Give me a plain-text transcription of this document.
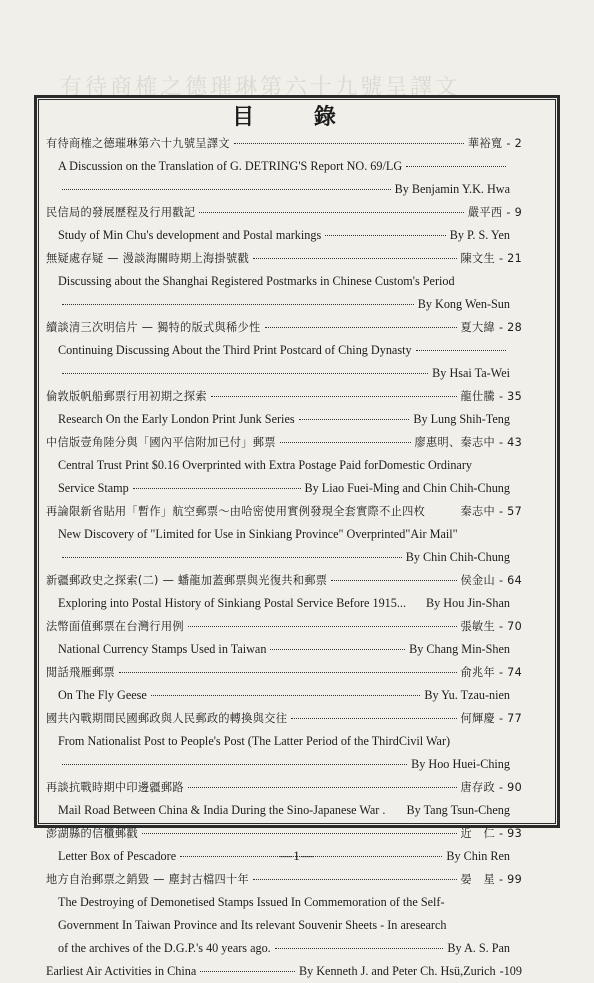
有待商榷之德璀琳第六十九號呈譯文
目 錄
有待商榷之德璀琳第六十九號呈譯文	華裕寬 - 2
A Discussion on the Translation of G. DETRING'S Report NO. 69/LG
By Benjamin Y.K. Hwa
民信局的發展歷程及行用戳記	嚴平西 - 9
Study of Min Chu's development and Postal markings	By P. S. Yen
無疑處存疑 — 漫談海關時期上海掛號戳	陳文生 - 21
Discussing about the Shanghai Registered Postmarks in Chinese Custom's Period
By Kong Wen-Sun
續談清三次明信片 — 獨特的版式與稀少性	夏大緯 - 28
Continuing Discussing About the Third Print Postcard of Ching Dynasty
By Hsai Ta-Wei
倫敦版帆船郵票行用初期之探索	龍仕騰 - 35
Research On the Early London Print Junk Series	By Lung Shih-Teng
中信版壹角陸分與「國內平信附加已付」郵票	廖惠明、秦志中 - 43
Central Trust Print $0.16 Overprinted with Extra Postage Paid forDomestic Ordinary
Service Stamp	By Liao Fuei-Ming and Chin Chih-Chung
再論限新省貼用「暫作」航空郵票～由哈密使用實例發現全套實際不止四枚	秦志中 - 57
New Discovery of "Limited for Use in Sinkiang Province" Overprinted"Air Mail"
By Chin Chih-Chung
新疆郵政史之探索(二) — 蟠龍加蓋郵票與光復共和郵票	侯金山 - 64
Exploring into Postal History of Sinkiang Postal Service Before 1915... By Hou Jin-Shan
法幣面值郵票在台灣行用例	張敏生 - 70
National Currency Stamps Used in Taiwan	By Chang Min-Shen
閒話飛雁郵票	俞兆年 - 74
On The Fly Geese	By Yu. Tzau-nien
國共內戰期間民國郵政與人民郵政的轉換與交往	何輝慶 - 77
From Nationalist Post to People's Post (The Latter Period of the ThirdCivil War)
By Hoo Huei-Ching
再談抗戰時期中印邊疆郵路	唐存政 - 90
Mail Road Between China & India During the Sino-Japanese War . By Tang Tsun-Cheng
澎湖縣的信櫃郵戳	近　仁 - 93
Letter Box of Pescadore	By Chin Ren
地方自治郵票之銷毀 — 塵封古檔四十年	晏　星 - 99
The Destroying of Demonetised Stamps Issued In Commemoration of the Self-
Government In Taiwan Province and Its relevant Souvenir Sheets - In aresearch
of the archives of the D.G.P.'s 40 years ago.	By A. S. Pan
Earliest Air Activities in China	By Kenneth J. and Peter Ch. Hsü,Zurich -109
—1—
